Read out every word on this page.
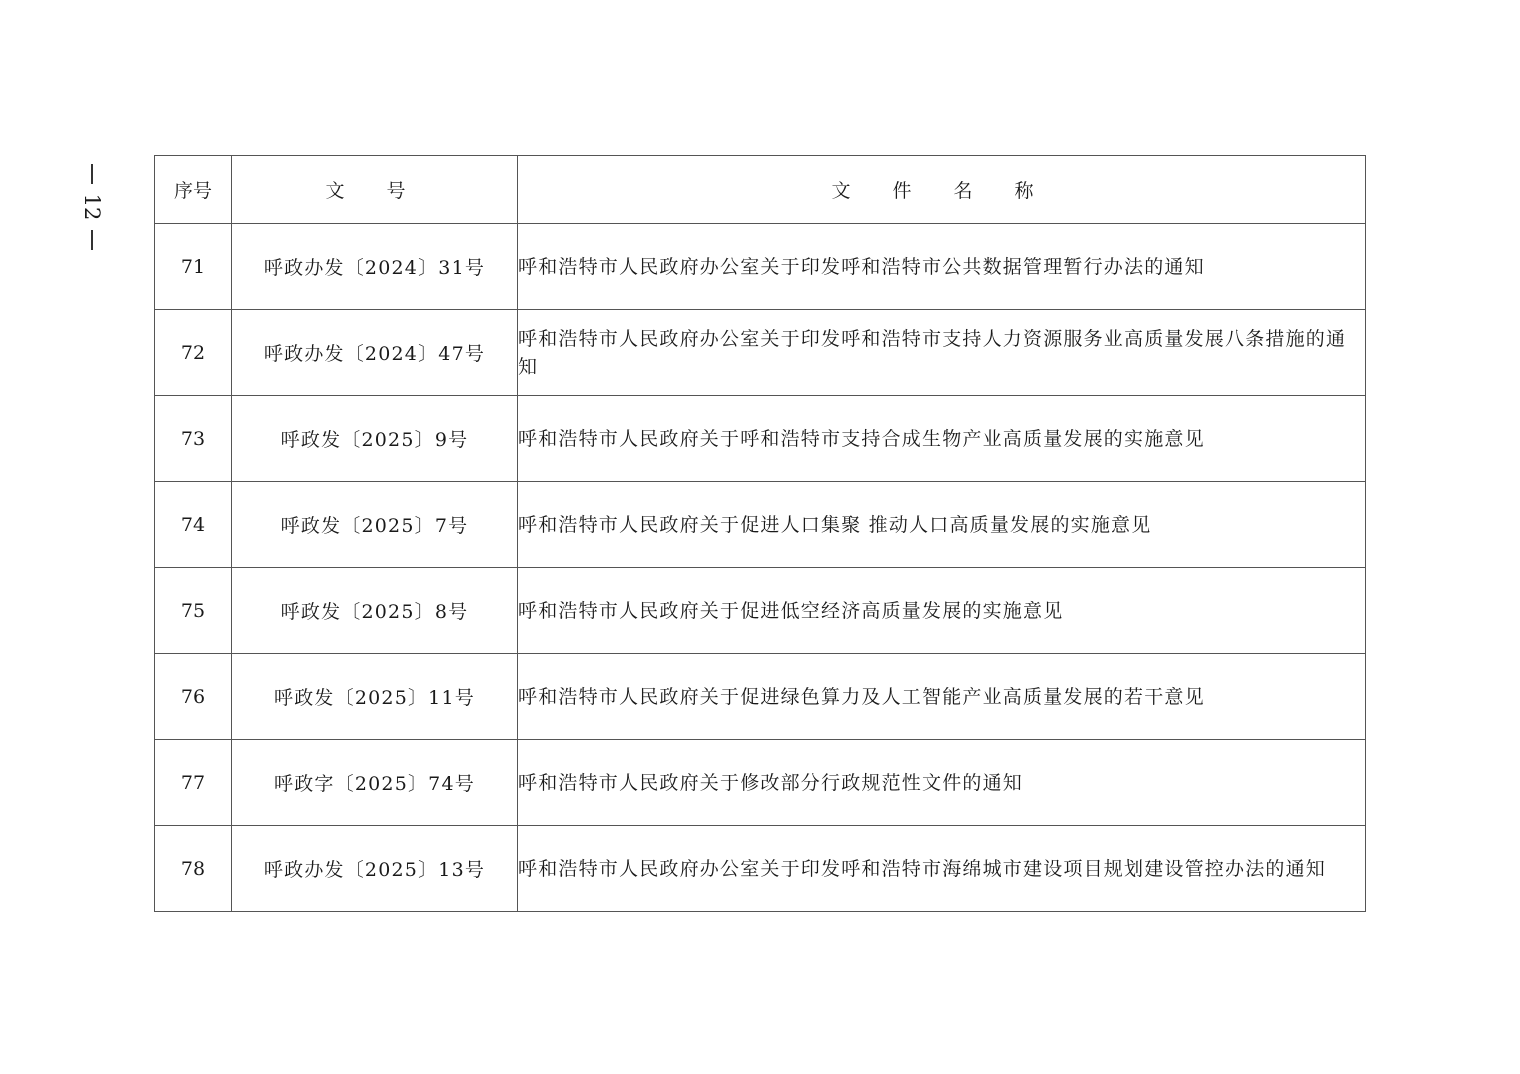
12
序号	文 号	文 件 名 称
71	呼政办发〔2024〕31号	呼和浩特市人民政府办公室关于印发呼和浩特市公共数据管理暂行办法的通知
72	呼政办发〔2024〕47号	呼和浩特市人民政府办公室关于印发呼和浩特市支持人力资源服务业高质量发展八条措施的通知
73	呼政发〔2025〕9号	呼和浩特市人民政府关于呼和浩特市支持合成生物产业高质量发展的实施意见
74	呼政发〔2025〕7号	呼和浩特市人民政府关于促进人口集聚 推动人口高质量发展的实施意见
75	呼政发〔2025〕8号	呼和浩特市人民政府关于促进低空经济高质量发展的实施意见
76	呼政发〔2025〕11号	呼和浩特市人民政府关于促进绿色算力及人工智能产业高质量发展的若干意见
77	呼政字〔2025〕74号	呼和浩特市人民政府关于修改部分行政规范性文件的通知
78	呼政办发〔2025〕13号	呼和浩特市人民政府办公室关于印发呼和浩特市海绵城市建设项目规划建设管控办法的通知
